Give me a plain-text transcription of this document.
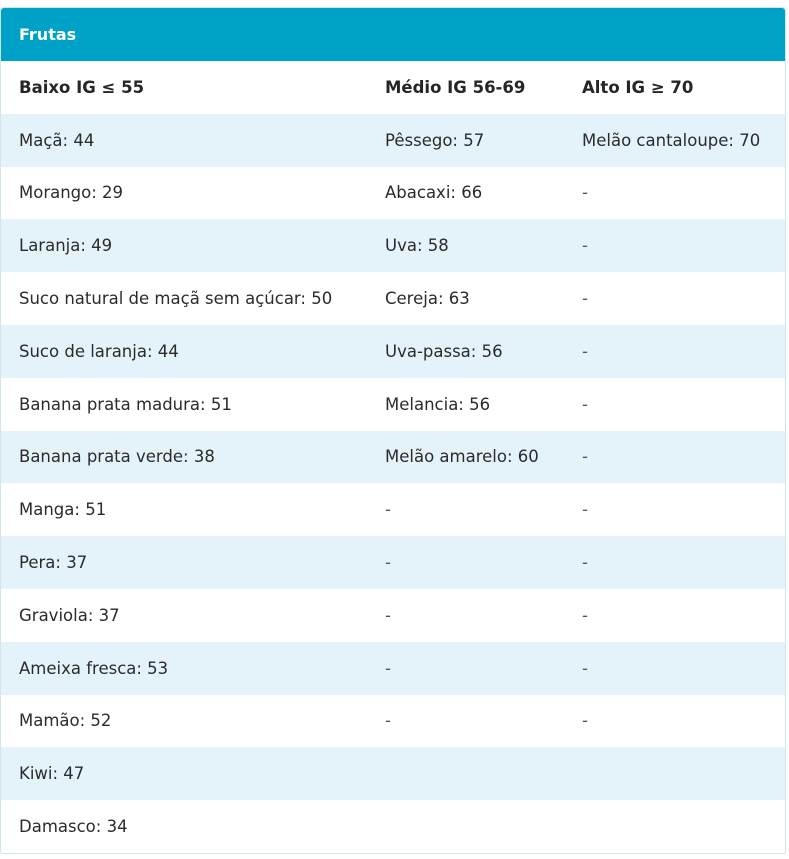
Frutas
Baixo IG ≤ 55	Médio IG 56-69	Alto IG ≥ 70
Maçã: 44	Pêssego: 57	Melão cantaloupe: 70
Morango: 29	Abacaxi: 66	-
Laranja: 49	Uva: 58	-
Suco natural de maçã sem açúcar: 50	Cereja: 63	-
Suco de laranja: 44	Uva-passa: 56	-
Banana prata madura: 51	Melancia: 56	-
Banana prata verde: 38	Melão amarelo: 60	-
Manga: 51	-	-
Pera: 37	-	-
Graviola: 37	-	-
Ameixa fresca: 53	-	-
Mamão: 52	-	-
Kiwi: 47		
Damasco: 34		
